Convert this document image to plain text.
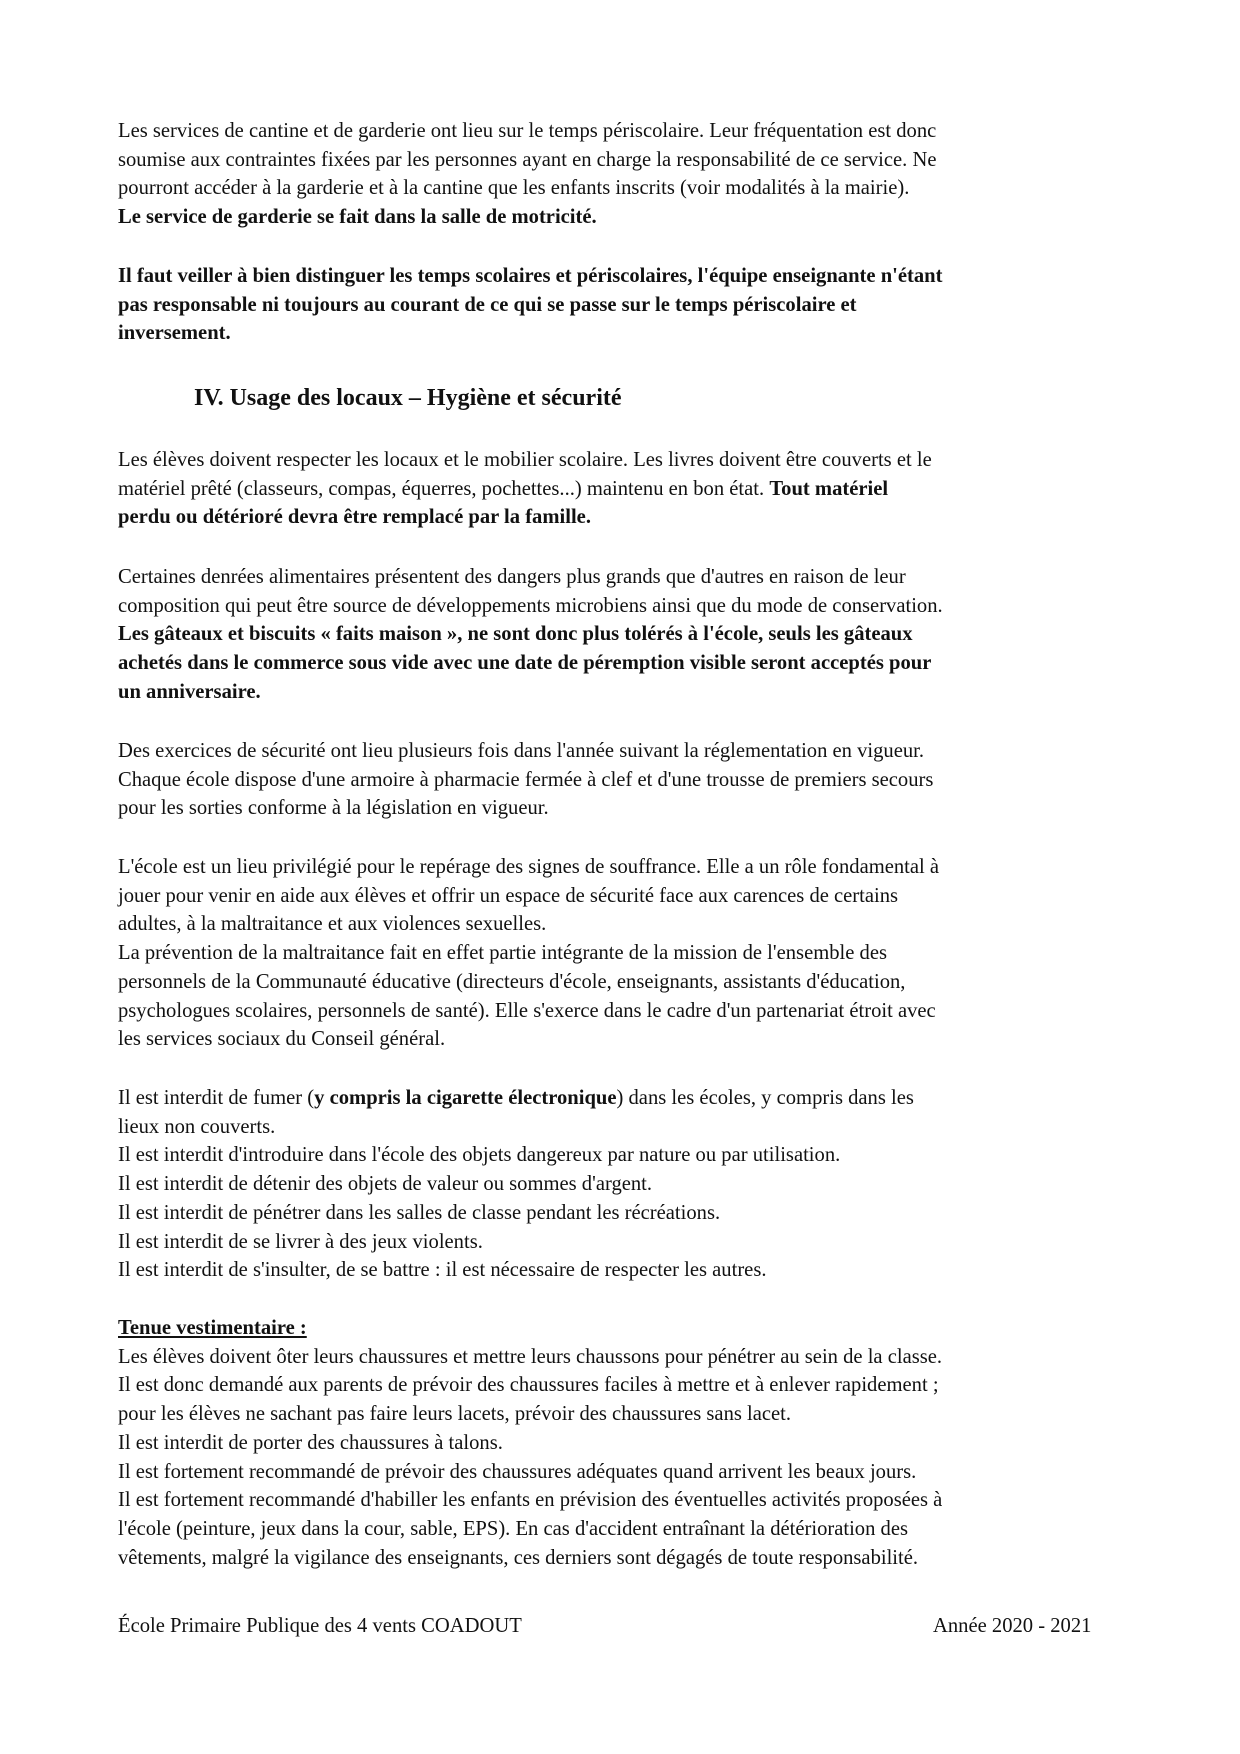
Les services de cantine et de garderie ont lieu sur le temps périscolaire. Leur fréquentation est donc
soumise aux contraintes fixées par les personnes ayant en charge la responsabilité de ce service. Ne
pourront accéder à la garderie et à la cantine que les enfants inscrits (voir modalités à la mairie).
Le service de garderie se fait dans la salle de motricité.
Il faut veiller à bien distinguer les temps scolaires et périscolaires, l'équipe enseignante n'étant
pas responsable ni toujours au courant de ce qui se passe sur le temps périscolaire et
inversement.
IV. Usage des locaux – Hygiène et sécurité
Les élèves doivent respecter les locaux et le mobilier scolaire. Les livres doivent être couverts et le
matériel prêté (classeurs, compas, équerres, pochettes...) maintenu en bon état. Tout matériel
perdu ou détérioré devra être remplacé par la famille.
Certaines denrées alimentaires présentent des dangers plus grands que d'autres en raison de leur
composition qui peut être source de développements microbiens ainsi que du mode de conservation.
Les gâteaux et biscuits « faits maison », ne sont donc plus tolérés à l'école, seuls les gâteaux
achetés dans le commerce sous vide avec une date de péremption visible seront acceptés pour
un anniversaire.
Des exercices de sécurité ont lieu plusieurs fois dans l'année suivant la réglementation en vigueur.
Chaque école dispose d'une armoire à pharmacie fermée à clef et d'une trousse de premiers secours
pour les sorties conforme à la législation en vigueur.
L'école est un lieu privilégié pour le repérage des signes de souffrance. Elle a un rôle fondamental à
jouer pour venir en aide aux élèves et offrir un espace de sécurité face aux carences de certains
adultes, à la maltraitance et aux violences sexuelles.
La prévention de la maltraitance fait en effet partie intégrante de la mission de l'ensemble des
personnels de la Communauté éducative (directeurs d'école, enseignants, assistants d'éducation,
psychologues scolaires, personnels de santé). Elle s'exerce dans le cadre d'un partenariat étroit avec
les services sociaux du Conseil général.
Il est interdit de fumer (y compris la cigarette électronique) dans les écoles, y compris dans les
lieux non couverts.
Il est interdit d'introduire dans l'école des objets dangereux par nature ou par utilisation.
Il est interdit de détenir des objets de valeur ou sommes d'argent.
Il est interdit de pénétrer dans les salles de classe pendant les récréations.
Il est interdit de se livrer à des jeux violents.
Il est interdit de s'insulter, de se battre : il est nécessaire de respecter les autres.
Tenue vestimentaire :
Les élèves doivent ôter leurs chaussures et mettre leurs chaussons pour pénétrer au sein de la classe.
Il est donc demandé aux parents de prévoir des chaussures faciles à mettre et à enlever rapidement ;
pour les élèves ne sachant pas faire leurs lacets, prévoir des chaussures sans lacet.
Il est interdit de porter des chaussures à talons.
Il est fortement recommandé de prévoir des chaussures adéquates quand arrivent les beaux jours.
Il est fortement recommandé d'habiller les enfants en prévision des éventuelles activités proposées à
l'école (peinture, jeux dans la cour, sable, EPS). En cas d'accident entraînant la détérioration des
vêtements, malgré la vigilance des enseignants, ces derniers sont dégagés de toute responsabilité.
École Primaire Publique des 4 vents COADOUT	Année 2020 - 2021
